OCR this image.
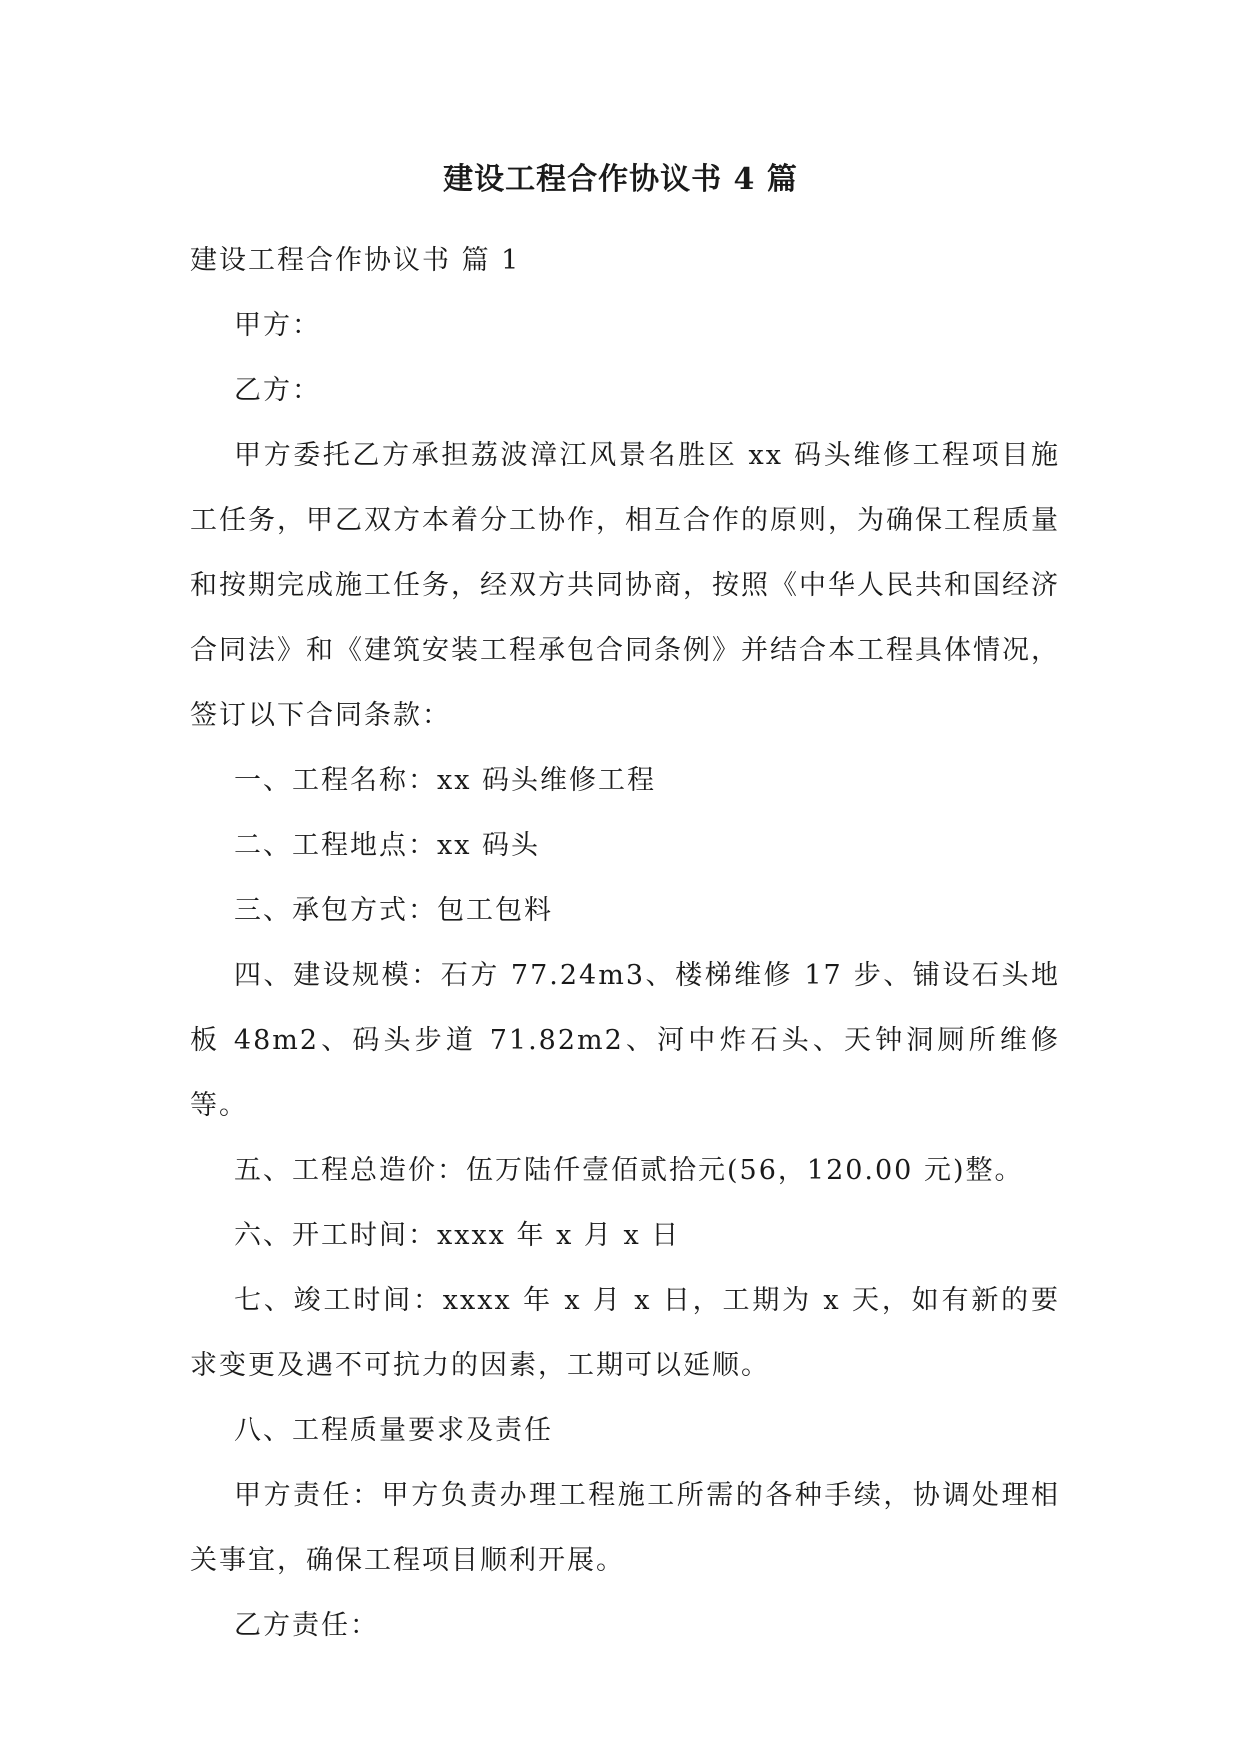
建设工程合作协议书 4 篇

建设工程合作协议书 篇 1

甲方：

乙方：

甲方委托乙方承担荔波漳江风景名胜区 xx 码头维修工程项目施工任务，甲乙双方本着分工协作，相互合作的原则，为确保工程质量和按期完成施工任务，经双方共同协商，按照《中华人民共和国经济合同法》和《建筑安装工程承包合同条例》并结合本工程具体情况，签订以下合同条款：

一、工程名称：xx 码头维修工程

二、工程地点：xx 码头

三、承包方式：包工包料

四、建设规模：石方 77.24m3、楼梯维修 17 步、铺设石头地板 48m2、码头步道 71.82m2、河中炸石头、天钟洞厕所维修等。

五、工程总造价：伍万陆仟壹佰贰拾元(56，120.00 元)整。

六、开工时间：xxxx 年 x 月 x 日

七、竣工时间：xxxx 年 x 月 x 日，工期为 x 天，如有新的要求变更及遇不可抗力的因素，工期可以延顺。

八、工程质量要求及责任

甲方责任：甲方负责办理工程施工所需的各种手续，协调处理相关事宜，确保工程项目顺利开展。

乙方责任：
